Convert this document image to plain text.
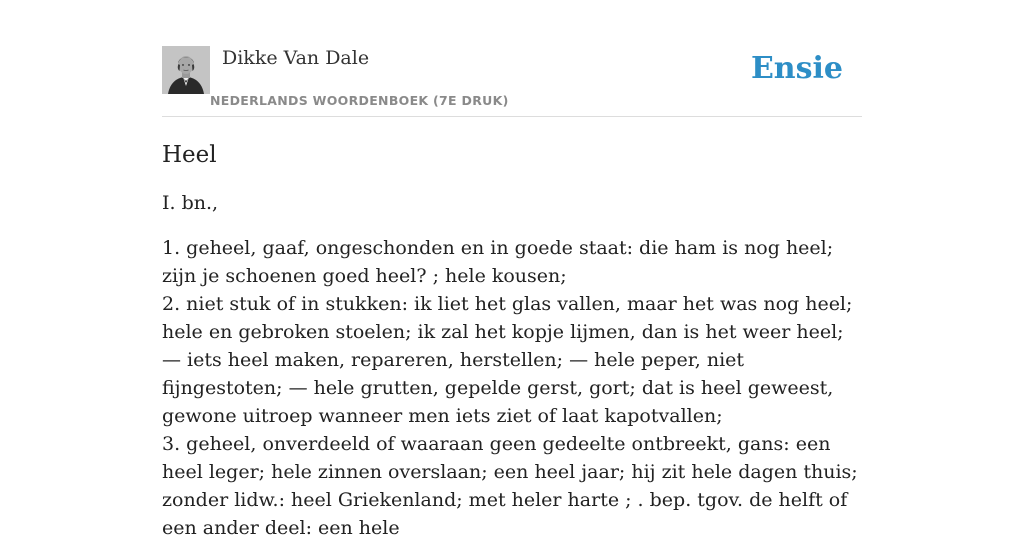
Dikke Van Dale
NEDERLANDS WOORDENBOEK (7E DRUK)
Ensie
Heel

I. bn.,

1. geheel, gaaf, ongeschonden en in goede staat: die ham is nog heel; zijn je schoenen goed heel? ; hele kousen;

2. niet stuk of in stukken: ik liet het glas vallen, maar het was nog heel; hele en gebroken stoelen; ik zal het kopje lijmen, dan is het weer heel; — iets heel maken, repareren, herstellen; — hele peper, niet fijngestoten; — hele grutten, gepelde gerst, gort; dat is heel geweest, gewone uitroep wanneer men iets ziet of laat kapotvallen;

3. geheel, onverdeeld of waaraan geen gedeelte ontbreekt, gans: een heel leger; hele zinnen overslaan; een heel jaar; hij zit hele dagen thuis; zonder lidw.: heel Griekenland; met heler harte ; . bep. tgov. de helft of een ander deel: een hele
